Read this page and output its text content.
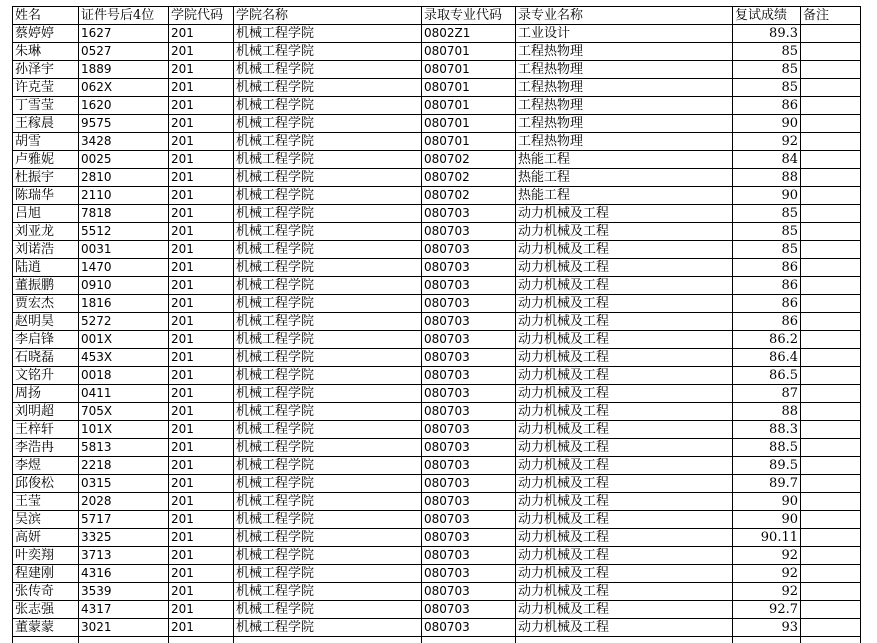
姓名	证件号后4位	学院代码	学院名称	录取专业代码	录专业名称	复试成绩	备注
蔡婷婷	1627	201	机械工程学院	0802Z1	工业设计	89.3	
朱琳	0527	201	机械工程学院	080701	工程热物理	85	
孙泽宇	1889	201	机械工程学院	080701	工程热物理	85	
许克莹	062X	201	机械工程学院	080701	工程热物理	85	
丁雪莹	1620	201	机械工程学院	080701	工程热物理	86	
王稼晨	9575	201	机械工程学院	080701	工程热物理	90	
胡雪	3428	201	机械工程学院	080701	工程热物理	92	
卢雅妮	0025	201	机械工程学院	080702	热能工程	84	
杜振宇	2810	201	机械工程学院	080702	热能工程	88	
陈瑞华	2110	201	机械工程学院	080702	热能工程	90	
吕旭	7818	201	机械工程学院	080703	动力机械及工程	85	
刘亚龙	5512	201	机械工程学院	080703	动力机械及工程	85	
刘诺浩	0031	201	机械工程学院	080703	动力机械及工程	85	
陆逍	1470	201	机械工程学院	080703	动力机械及工程	86	
董振鹏	0910	201	机械工程学院	080703	动力机械及工程	86	
贾宏杰	1816	201	机械工程学院	080703	动力机械及工程	86	
赵明昊	5272	201	机械工程学院	080703	动力机械及工程	86	
李启锋	001X	201	机械工程学院	080703	动力机械及工程	86.2	
石晓磊	453X	201	机械工程学院	080703	动力机械及工程	86.4	
文铭升	0018	201	机械工程学院	080703	动力机械及工程	86.5	
周扬	0411	201	机械工程学院	080703	动力机械及工程	87	
刘明超	705X	201	机械工程学院	080703	动力机械及工程	88	
王梓轩	101X	201	机械工程学院	080703	动力机械及工程	88.3	
李浩冉	5813	201	机械工程学院	080703	动力机械及工程	88.5	
李煜	2218	201	机械工程学院	080703	动力机械及工程	89.5	
邱俊松	0315	201	机械工程学院	080703	动力机械及工程	89.7	
王莹	2028	201	机械工程学院	080703	动力机械及工程	90	
吴滨	5717	201	机械工程学院	080703	动力机械及工程	90	
高妍	3325	201	机械工程学院	080703	动力机械及工程	90.11	
叶奕翔	3713	201	机械工程学院	080703	动力机械及工程	92	
程建刚	4316	201	机械工程学院	080703	动力机械及工程	92	
张传奇	3539	201	机械工程学院	080703	动力机械及工程	92	
张志强	4317	201	机械工程学院	080703	动力机械及工程	92.7	
董蒙蒙	3021	201	机械工程学院	080703	动力机械及工程	93	
